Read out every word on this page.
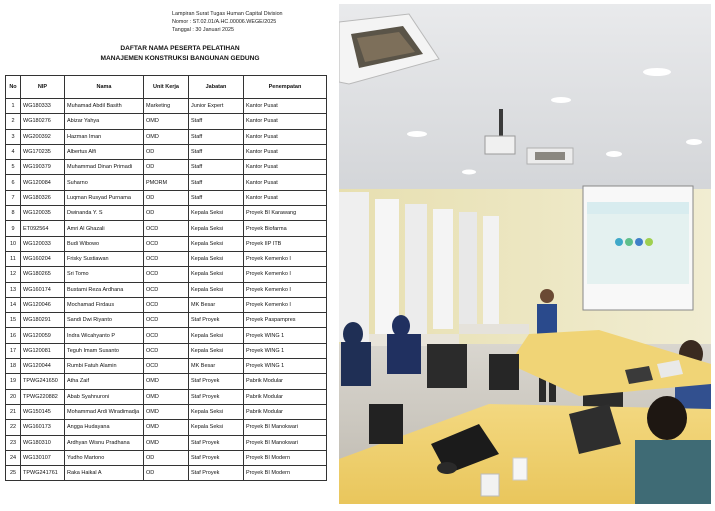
Lampiran Surat Tugas Human Capital Division
Nomor : ST.02.01/A.HC.00006.WEGE/2025
Tanggal : 30 Januari 2025
DAFTAR NAMA PESERTA PELATIHAN
MANAJEMEN KONSTRUKSI BANGUNAN GEDUNG
No	NIP	Nama	Unit Kerja	Jabatan	Penempatan
1	WG180333	Muhamad Abdil Basith	Marketing	Junior Expert	Kantor Pusat
2	WG180276	Abizar Yahya	OMD	Staff	Kantor Pusat
3	WG200392	Hazman Iman	OMD	Staff	Kantor Pusat
4	WG170235	Albertus Alfi	OD	Staff	Kantor Pusat
5	WG190379	Muhammad Dinan Primadi	OD	Staff	Kantor Pusat
6	WG120084	Suharno	PMORM	Staff	Kantor Pusat
7	WG180326	Luqman Rusyad Purnama	OD	Staff	Kantor Pusat
8	WG120035	Dwinanda Y. S	OD	Kepala Seksi	Proyek BI Karawang
9	ET092564	Amri Al Ghazali	OCD	Kepala Seksi	Proyek Biofarma
10	WG120033	Budi Wibowo	OCD	Kepala Seksi	Proyek IIP ITB
11	WG160204	Frisky Sustiawan	OCD	Kepala Seksi	Proyek Kemenko I
12	WG180265	Sri Tomo	OCD	Kepala Seksi	Proyek Kemenko I
13	WG160174	Bustami Reza Ardhana	OCD	Kepala Seksi	Proyek Kemenko I
14	WG120046	Mochamad Firdaus	OCD	MK Besar	Proyek Kemenko I
15	WG180291	Sandi Dwi Riyanto	OCD	Staf Proyek	Proyek Paspampres
16	WG120059	Indra Wicahyanto P	OCD	Kepala Seksi	Proyek WING 1
17	WG120081	Teguh Imam Susanto	OCD	Kepala Seksi	Proyek WING 1
18	WG120044	Rumbi Fatuh Alamin	OCD	MK Besar	Proyek WING 1
19	TPWG241650	Atha Zaif	OMD	Staf Proyek	Pabrik Modular
20	TPWG220882	Abab Syahnuroni	OMD	Staf Proyek	Pabrik Modular
21	WG150145	Mohammad Ardi Wiradimadja	OMD	Kepala Seksi	Pabrik Modular
22	WG160173	Angga Hudayana	OMD	Kepala Seksi	Proyek BI Manokwari
23	WG180310	Ardhyan Wisnu Pradhana	OMD	Staf Proyek	Proyek BI Manokwari
24	WG130107	Yudho Martono	OD	Staf Proyek	Proyek BI Modern
25	TPWG241761	Raka Haikal A	OD	Staf Proyek	Proyek BI Modern
